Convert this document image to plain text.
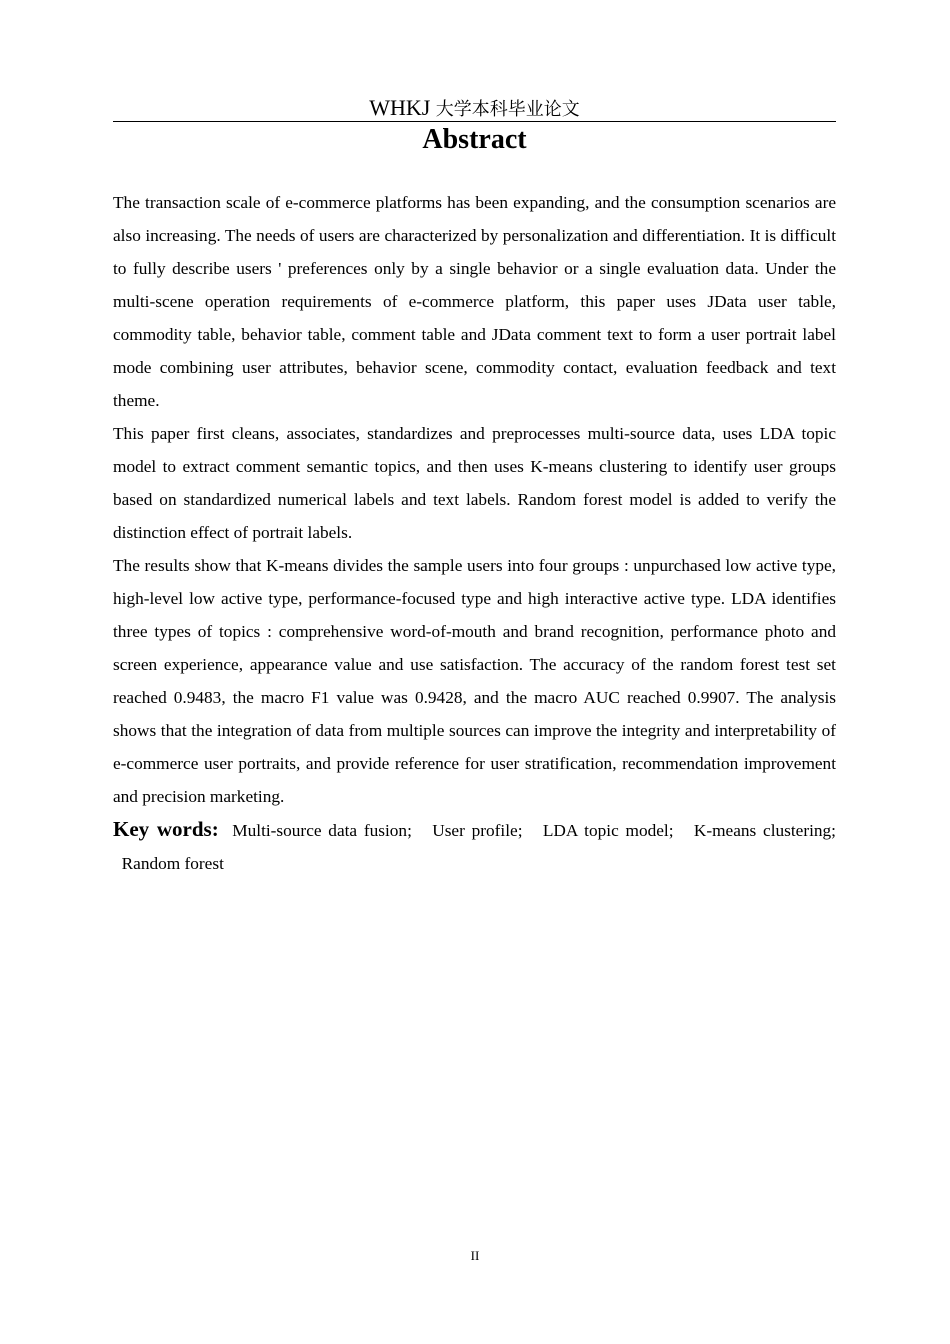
WHKJ 大学本科毕业论文
Abstract

The transaction scale of e-commerce platforms has been expanding, and the consumption scenarios are also increasing. The needs of users are characterized by personalization and differentiation. It is difficult to fully describe users ' preferences only by a single behavior or a single evaluation data. Under the multi-scene operation requirements of e-commerce platform, this paper uses JData user table, commodity table, behavior table, comment table and JData comment text to form a user portrait label mode combining user attributes, behavior scene, commodity contact, evaluation feedback and text theme.

This paper first cleans, associates, standardizes and preprocesses multi-source data, uses LDA topic model to extract comment semantic topics, and then uses K-means clustering to identify user groups based on standardized numerical labels and text labels. Random forest model is added to verify the distinction effect of portrait labels.

The results show that K-means divides the sample users into four groups : unpurchased low active type, high-level low active type, performance-focused type and high interactive active type. LDA identifies three types of topics : comprehensive word-of-mouth and brand recognition, performance photo and screen experience, appearance value and use satisfaction. The accuracy of the random forest test set reached 0.9483, the macro F1 value was 0.9428, and the macro AUC reached 0.9907. The analysis shows that the integration of data from multiple sources can improve the integrity and interpretability of e-commerce user portraits, and provide reference for user stratification, recommendation improvement and precision marketing.

Key words: Multi-source data fusion; User profile; LDA topic model; K-means clustering;   Random forest

II
